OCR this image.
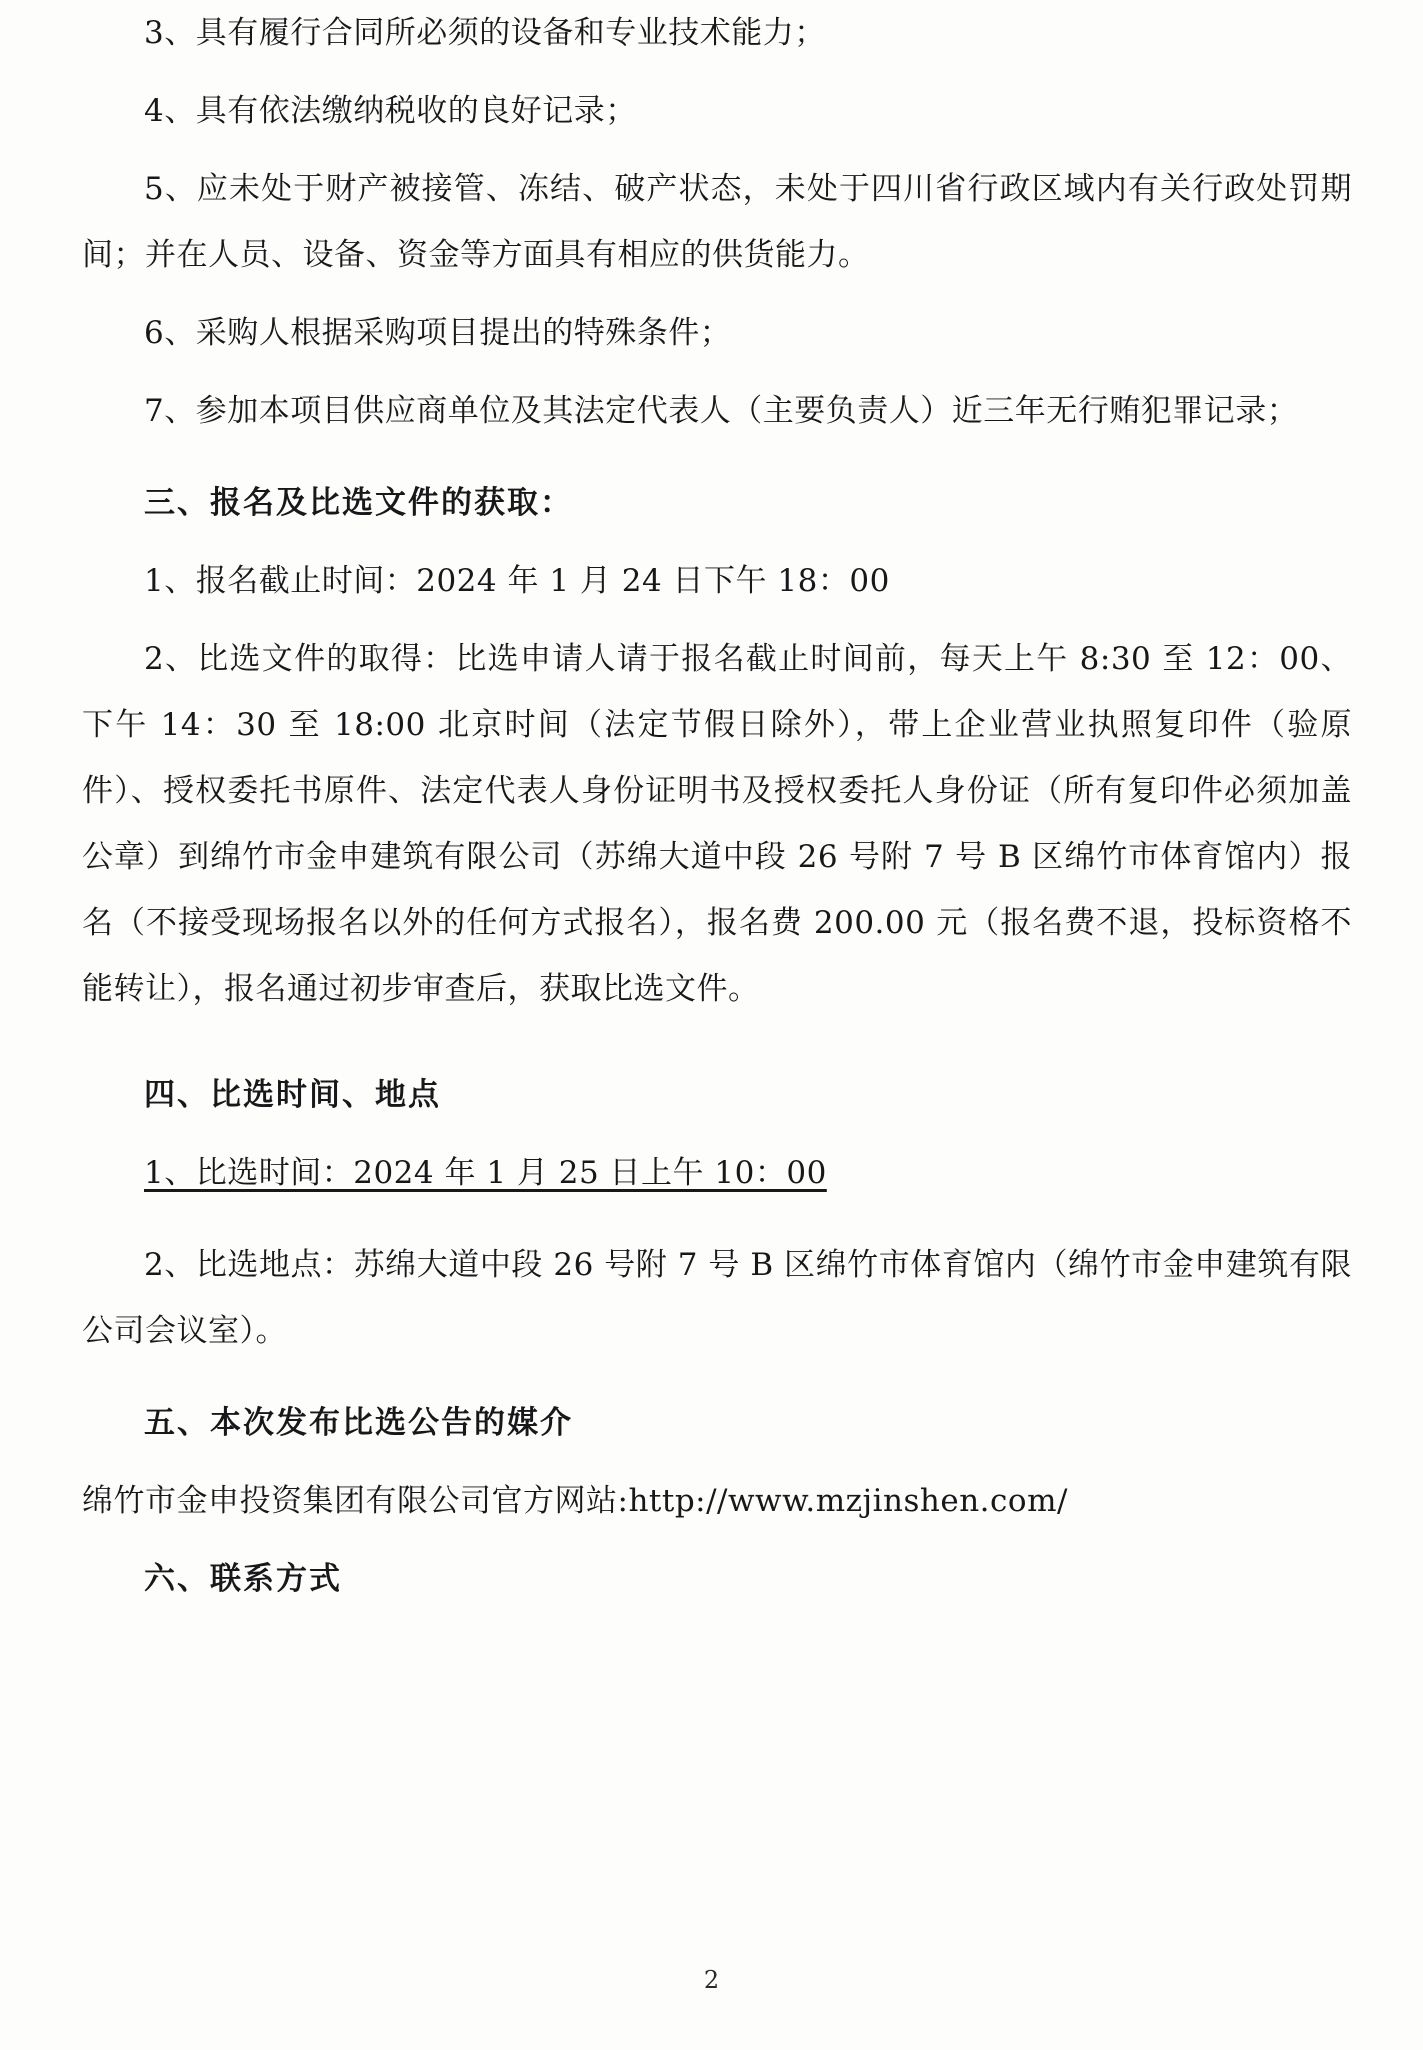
3、具有履行合同所必须的设备和专业技术能力；

4、具有依法缴纳税收的良好记录；

5、应未处于财产被接管、冻结、破产状态，未处于四川省行政区域内有关行政处罚期间；并在人员、设备、资金等方面具有相应的供货能力。

6、采购人根据采购项目提出的特殊条件；

7、参加本项目供应商单位及其法定代表人（主要负责人）近三年无行贿犯罪记录；

三、报名及比选文件的获取：

1、报名截止时间：2024 年 1 月 24 日下午 18：00

2、比选文件的取得：比选申请人请于报名截止时间前，每天上午 8:30 至 12：00、下午 14：30 至 18:00 北京时间（法定节假日除外），带上企业营业执照复印件（验原件）、授权委托书原件、法定代表人身份证明书及授权委托人身份证（所有复印件必须加盖公章）到绵竹市金申建筑有限公司（苏绵大道中段 26 号附 7 号 B 区绵竹市体育馆内）报名（不接受现场报名以外的任何方式报名），报名费 200.00 元（报名费不退，投标资格不能转让），报名通过初步审查后，获取比选文件。

四、比选时间、地点

1、比选时间：2024 年 1 月 25 日上午 10：00

2、比选地点：苏绵大道中段 26 号附 7 号 B 区绵竹市体育馆内（绵竹市金申建筑有限公司会议室）。

五、本次发布比选公告的媒介

绵竹市金申投资集团有限公司官方网站:http://www.mzjinshen.com/

六、联系方式

2
